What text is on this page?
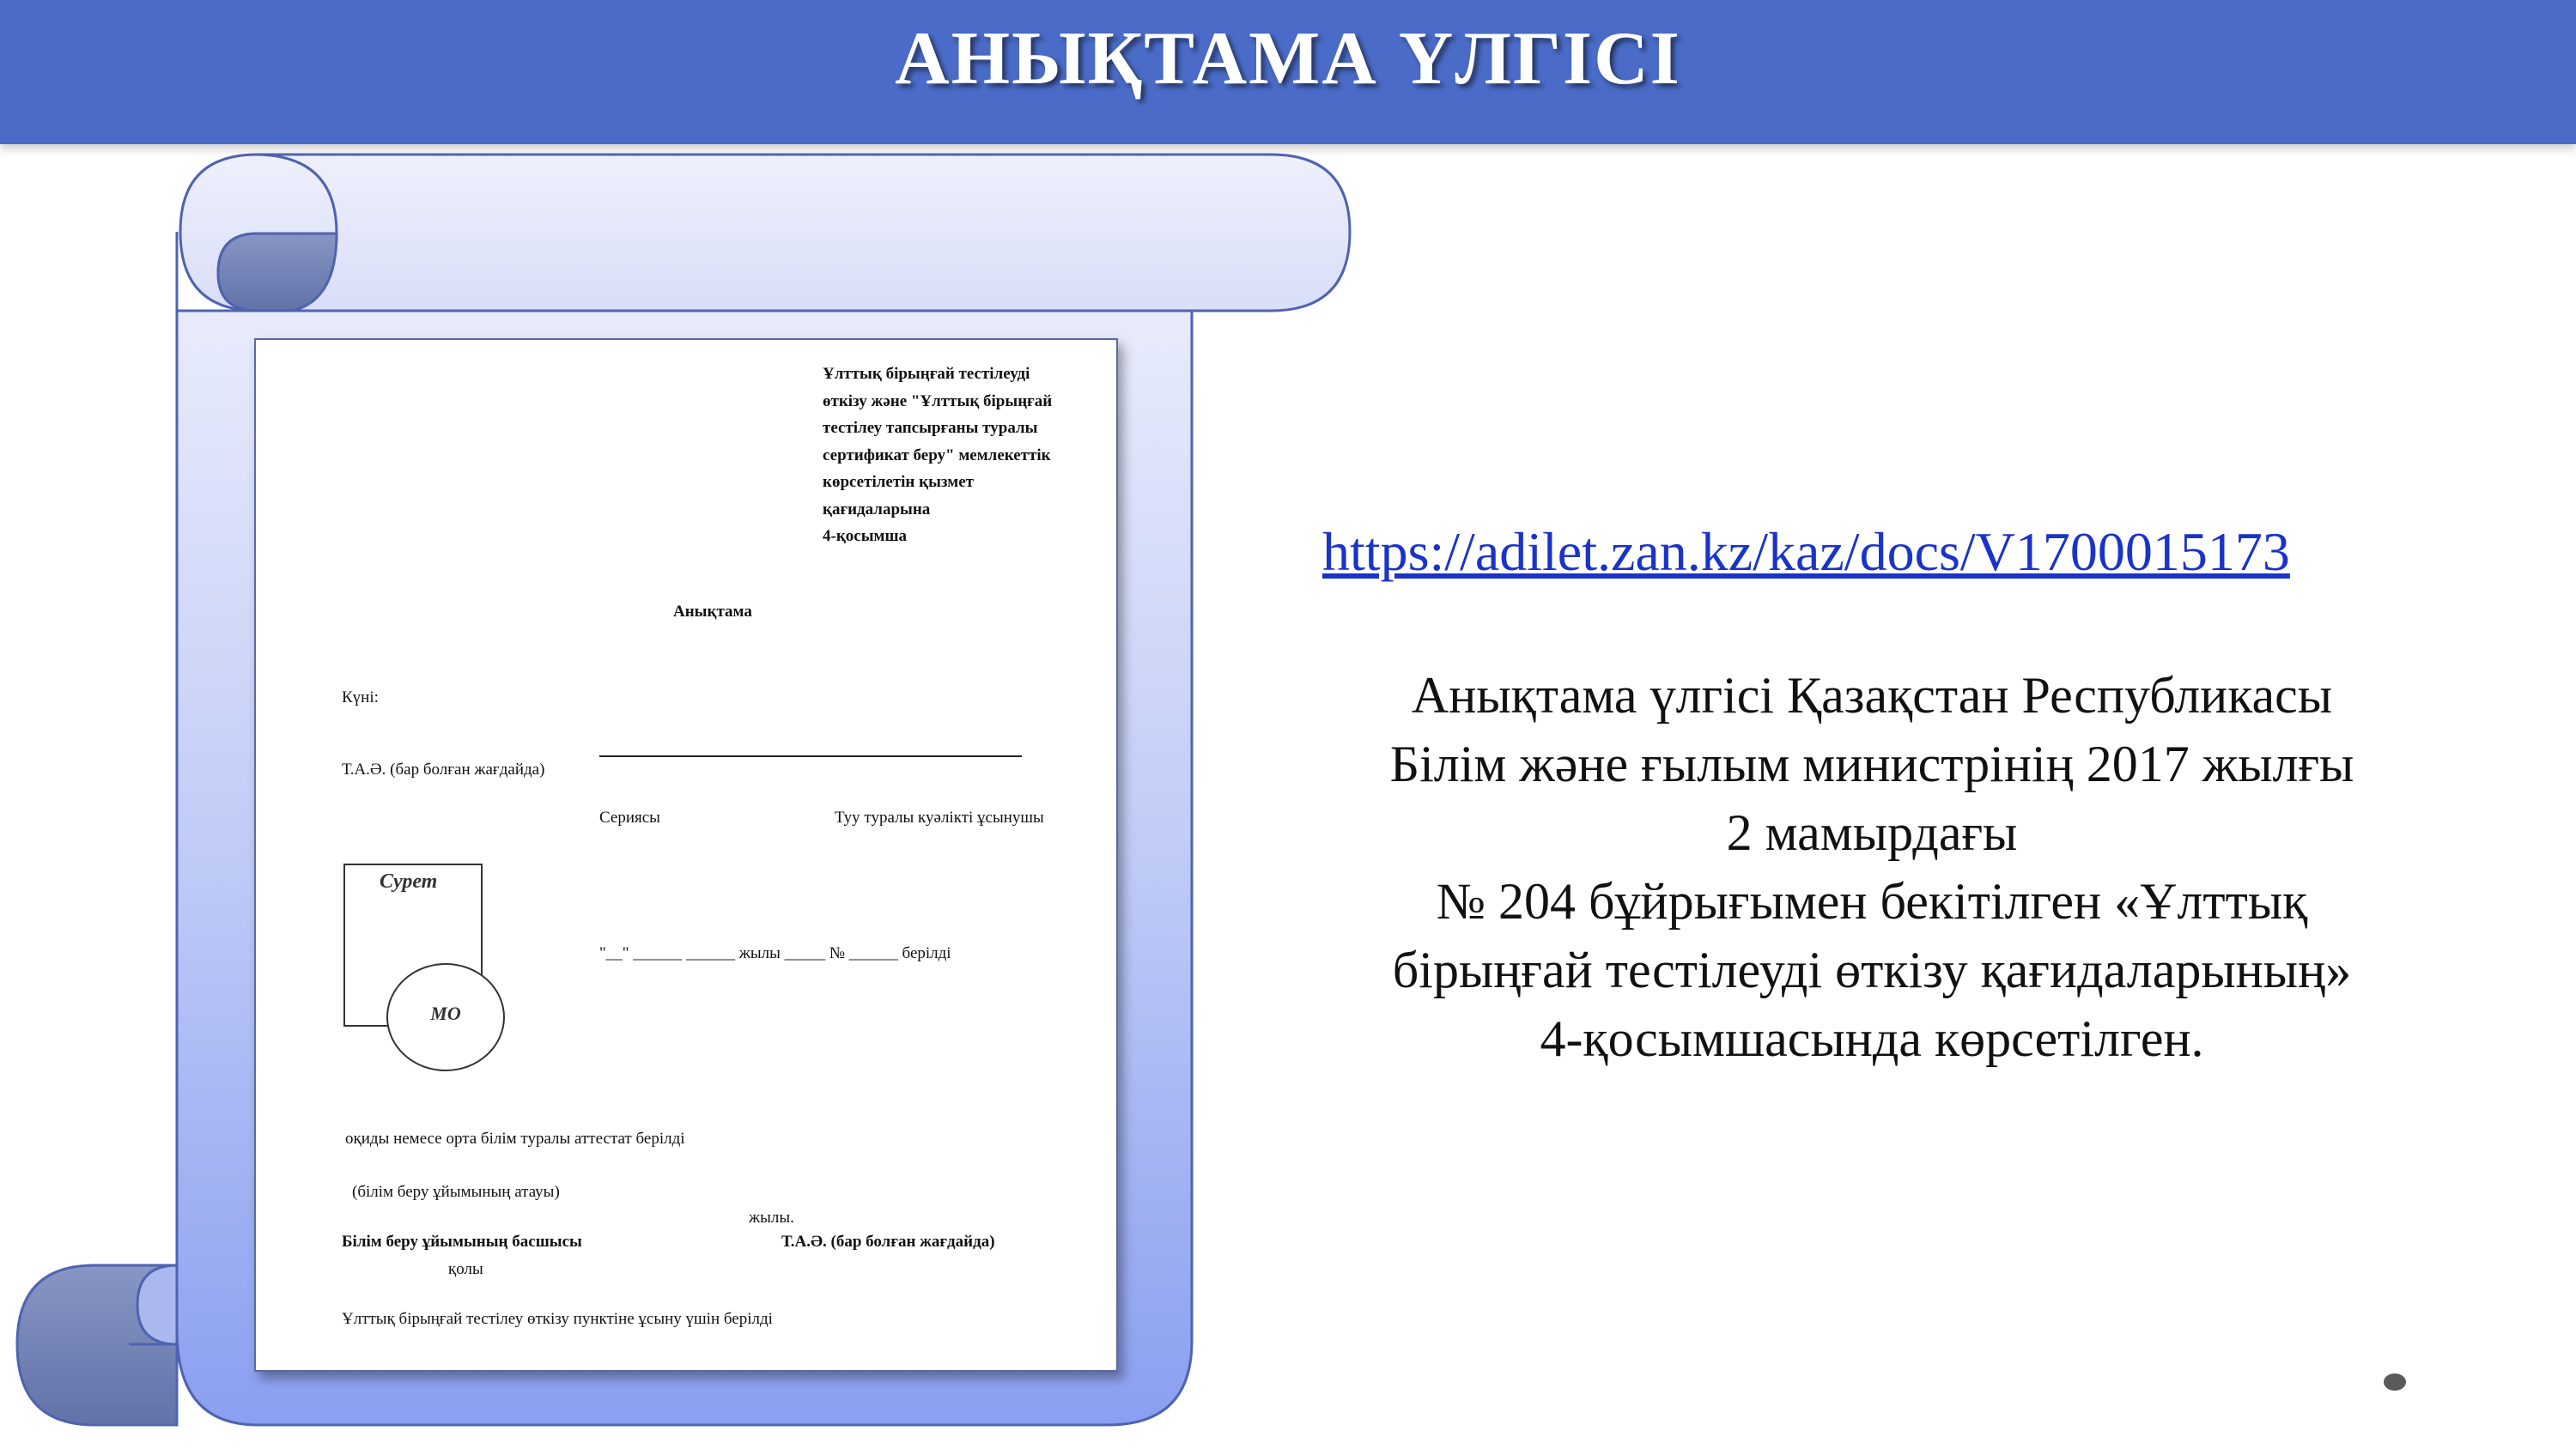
АНЫҚТАМА ҮЛГІСІ
Ұлттық бірыңғай тестілеуді
өткізу және "Ұлттық бірыңғай
тестілеу тапсырғаны туралы
сертификат беру" мемлекеттік
көрсетілетін қызмет
қағидаларына
4-қосымша
Анықтама
Күні:
Т.А.Ә. (бар болған жағдайда)
Сериясы	Туу туралы куәлікті ұсынушы
Сурет
МО
"__" ______ ______ жылы _____ № ______ берілді
оқиды немесе орта білім туралы аттестат берілді
(білім беру ұйымының атауы)
жылы.
Білім беру ұйымының басшысы	Т.А.Ә. (бар болған жағдайда)
қолы
Ұлттық бірыңғай тестілеу өткізу пунктіне ұсыну үшін берілді
https://adilet.zan.kz/kaz/docs/V1700015173
Анықтама үлгісі Қазақстан Республикасы
Білім және ғылым министрінің 2017 жылғы
2 мамырдағы
№ 204 бұйрығымен бекітілген «Ұлттық
бірыңғай тестілеуді өткізу қағидаларының»
4-қосымшасында көрсетілген.
